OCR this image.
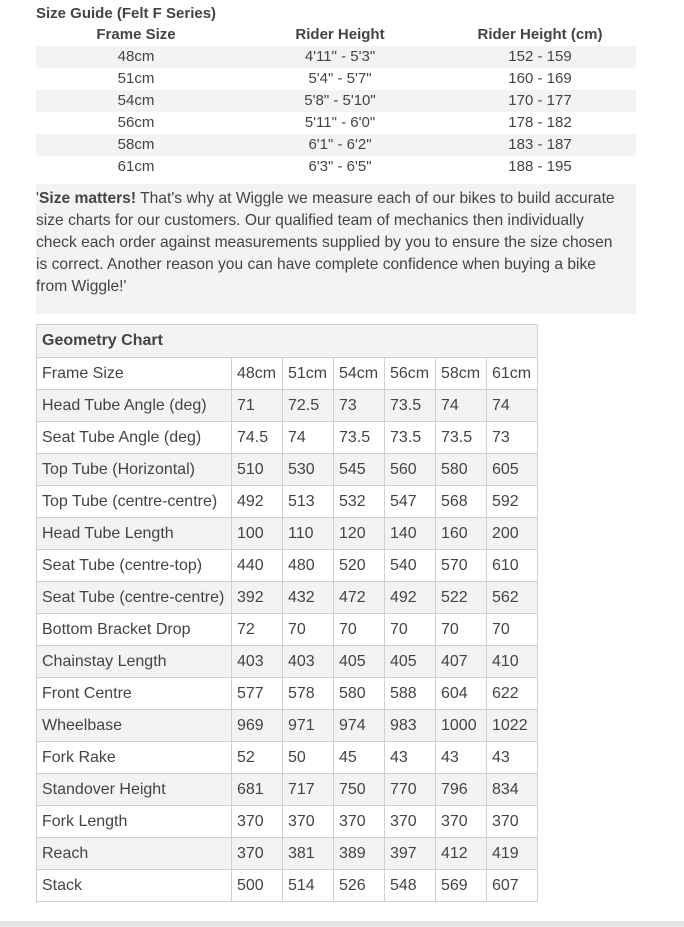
Size Guide (Felt F Series)
Frame Size	Rider Height	Rider Height (cm)
48cm	4'11" - 5'3"	152 - 159
51cm	5'4" - 5'7"	160 - 169
54cm	5'8" - 5'10"	170 - 177
56cm	5'11" - 6'0"	178 - 182
58cm	6'1" - 6'2"	183 - 187
61cm	6'3" - 6'5"	188 - 195
'Size matters! That's why at Wiggle we measure each of our bikes to build accurate size charts for our customers. Our qualified team of mechanics then individually check each order against measurements supplied by you to ensure the size chosen is correct. Another reason you can have complete confidence when buying a bike from Wiggle!'
Geometry Chart						
Frame Size	48cm	51cm	54cm	56cm	58cm	61cm
Head Tube Angle (deg)	71	72.5	73	73.5	74	74
Seat Tube Angle (deg)	74.5	74	73.5	73.5	73.5	73
Top Tube (Horizontal)	510	530	545	560	580	605
Top Tube (centre-centre)	492	513	532	547	568	592
Head Tube Length	100	110	120	140	160	200
Seat Tube (centre-top)	440	480	520	540	570	610
Seat Tube (centre-centre)	392	432	472	492	522	562
Bottom Bracket Drop	72	70	70	70	70	70
Chainstay Length	403	403	405	405	407	410
Front Centre	577	578	580	588	604	622
Wheelbase	969	971	974	983	1000	1022
Fork Rake	52	50	45	43	43	43
Standover Height	681	717	750	770	796	834
Fork Length	370	370	370	370	370	370
Reach	370	381	389	397	412	419
Stack	500	514	526	548	569	607
